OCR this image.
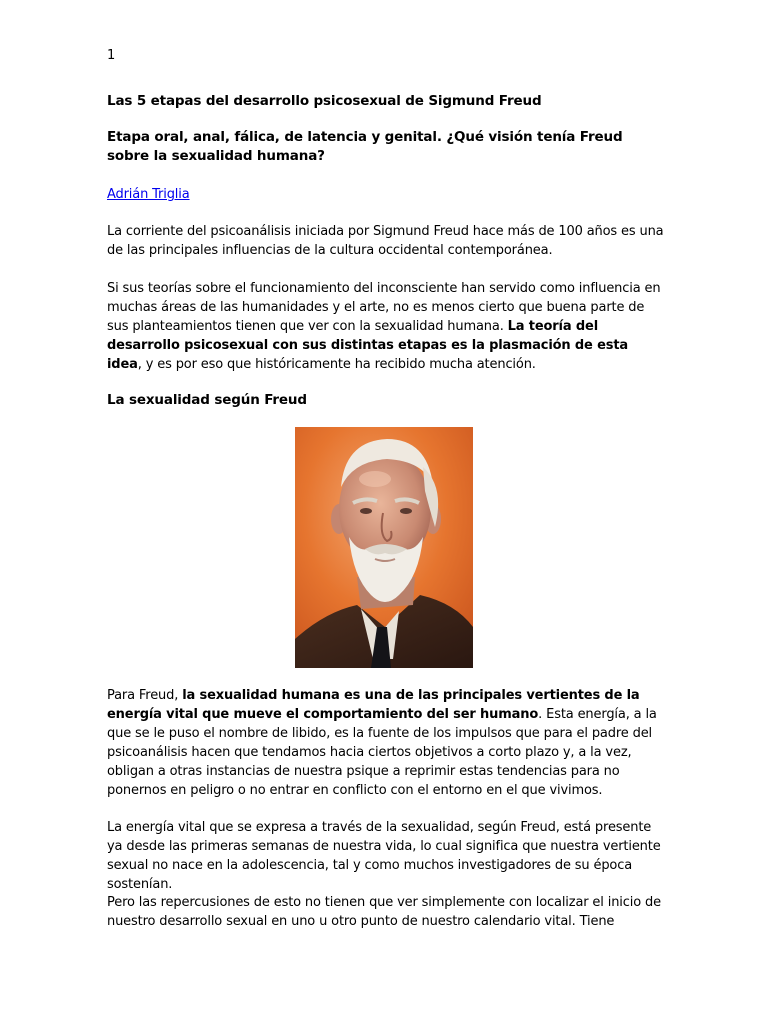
1

Las 5 etapas del desarrollo psicosexual de Sigmund Freud

Etapa oral, anal, fálica, de latencia y genital. ¿Qué visión tenía Freud sobre la sexualidad humana?

Adrián Triglia

La corriente del psicoanálisis iniciada por Sigmund Freud hace más de 100 años es una de las principales influencias de la cultura occidental contemporánea.

Si sus teorías sobre el funcionamiento del inconsciente han servido como influencia en muchas áreas de las humanidades y el arte, no es menos cierto que buena parte de sus planteamientos tienen que ver con la sexualidad humana. La teoría del desarrollo psicosexual con sus distintas etapas es la plasmación de esta idea, y es por eso que históricamente ha recibido mucha atención.

La sexualidad según Freud

Para Freud, la sexualidad humana es una de las principales vertientes de la energía vital que mueve el comportamiento del ser humano. Esta energía, a la que se le puso el nombre de libido, es la fuente de los impulsos que para el padre del psicoanálisis hacen que tendamos hacia ciertos objetivos a corto plazo y, a la vez, obligan a otras instancias de nuestra psique a reprimir estas tendencias para no ponernos en peligro o no entrar en conflicto con el entorno en el que vivimos.

La energía vital que se expresa a través de la sexualidad, según Freud, está presente ya desde las primeras semanas de nuestra vida, lo cual significa que nuestra vertiente sexual no nace en la adolescencia, tal y como muchos investigadores de su época sostenían.

Pero las repercusiones de esto no tienen que ver simplemente con localizar el inicio de nuestro desarrollo sexual en uno u otro punto de nuestro calendario vital. Tiene
